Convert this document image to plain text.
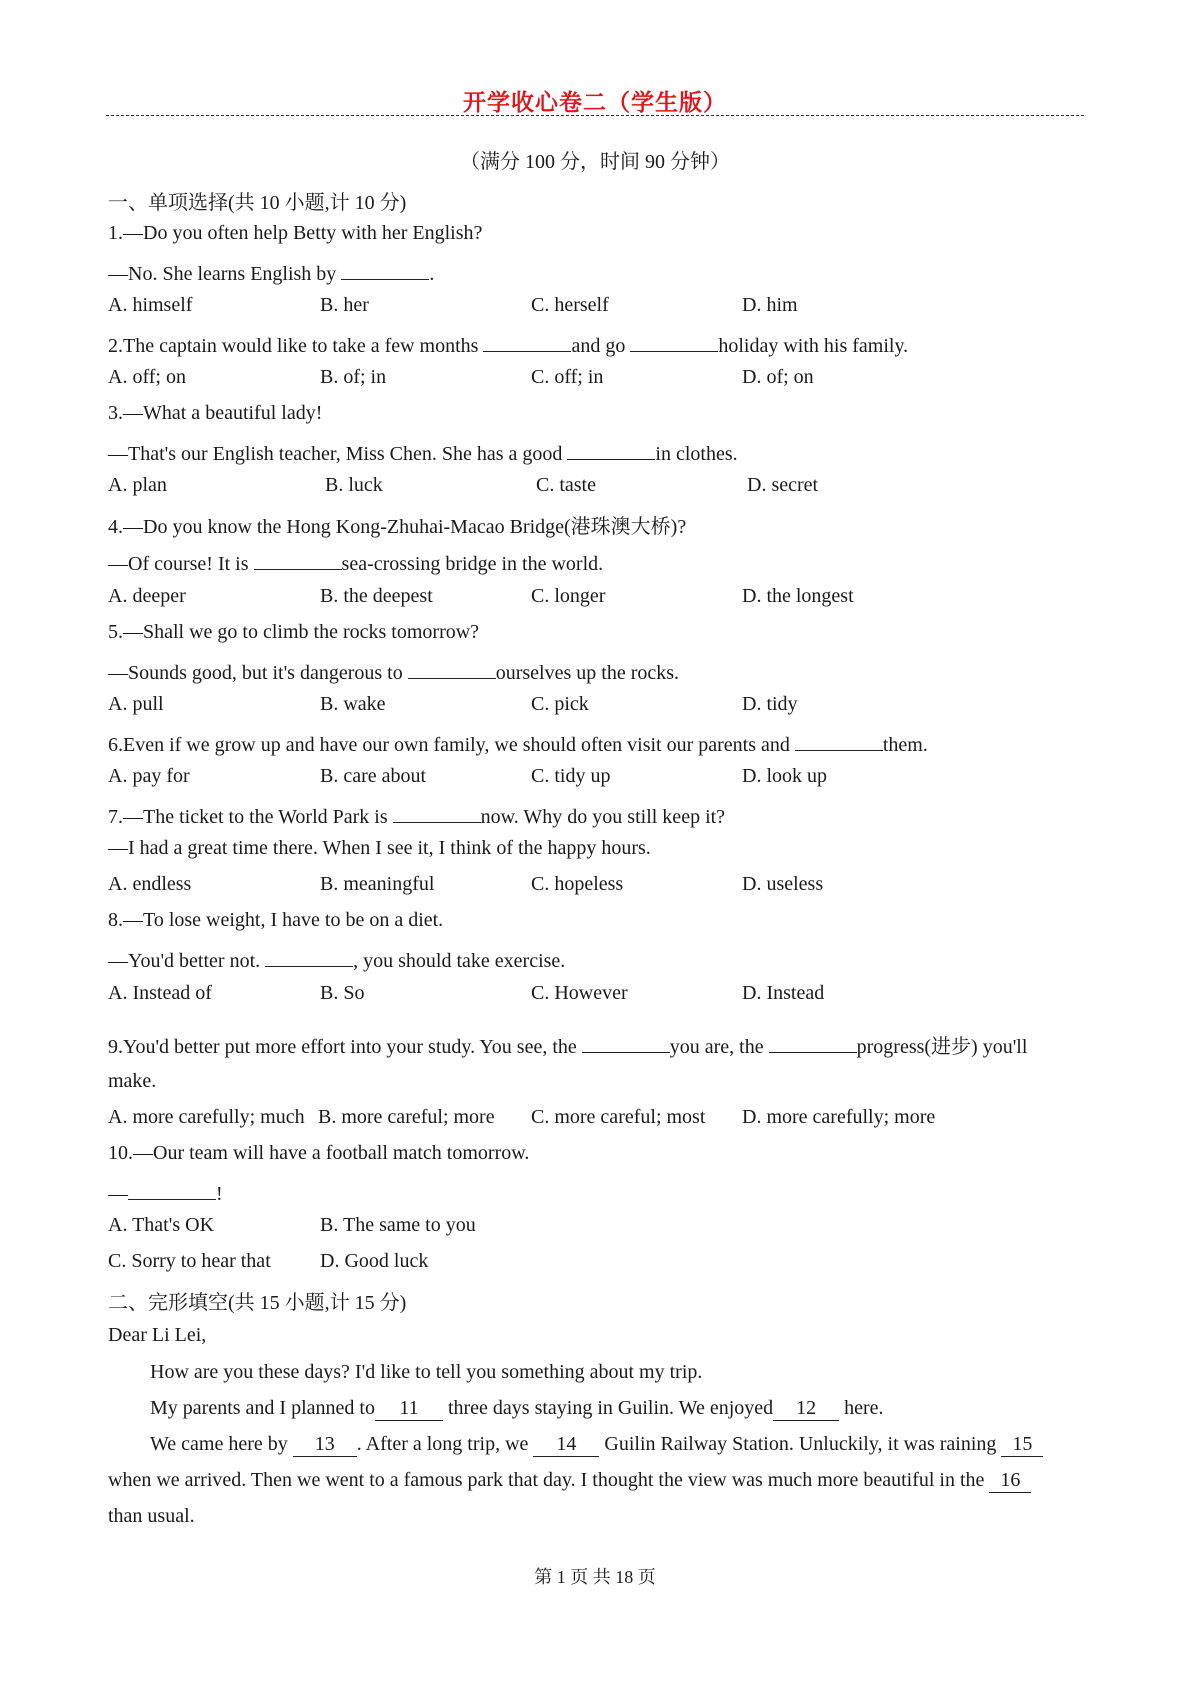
开学收心卷二（学生版）
（满分 100 分，时间 90 分钟）
一、单项选择(共 10 小题,计 10 分)
1.—Do you often help Betty with her English?
—No. She learns English by	.
A. himself	B. her	C. herself	D. him
2.The captain would like to take a few months	and go	holiday with his family.
A. off; on	B. of; in	C. off; in	D. of; on
3.—What a beautiful lady!
—That's our English teacher, Miss Chen. She has a good	in clothes.
A. plan	B. luck	C. taste	D. secret
4.—Do you know the Hong Kong-Zhuhai-Macao Bridge(港珠澳大桥)?
—Of course! It is	sea-crossing bridge in the world.
A. deeper	B. the deepest	C. longer	D. the longest
5.—Shall we go to climb the rocks tomorrow?
—Sounds good, but it's dangerous to	ourselves up the rocks.
A. pull	B. wake	C. pick	D. tidy
6.Even if we grow up and have our own family, we should often visit our parents and	them.
A. pay for	B. care about	C. tidy up	D. look up
7.—The ticket to the World Park is	now. Why do you still keep it?
—I had a great time there. When I see it, I think of the happy hours.
A. endless	B. meaningful	C. hopeless	D. useless
8.—To lose weight, I have to be on a diet.
—You'd better not.	, you should take exercise.
A. Instead of	B. So	C. However	D. Instead
9.You'd better put more effort into your study. You see, the	you are, the	progress(进步) you'll
make.
A. more carefully; much B. more careful; more C. more careful; most D. more carefully; more
10.—Our team will have a football match tomorrow.
—	!
A. That's OK	B. The same to you
C. Sorry to hear that D. Good luck
二、完形填空(共 15 小题,计 15 分)
Dear Li Lei,
How are you these days? I'd like to tell you something about my trip.
My parents and I planned to 11 three days staying in Guilin. We enjoyed 12 here.
We came here by 13 . After a long trip, we 14 Guilin Railway Station. Unluckily, it was raining 15
when we arrived. Then we went to a famous park that day. I thought the view was much more beautiful in the 16
than usual.
第 1 页 共 18 页
